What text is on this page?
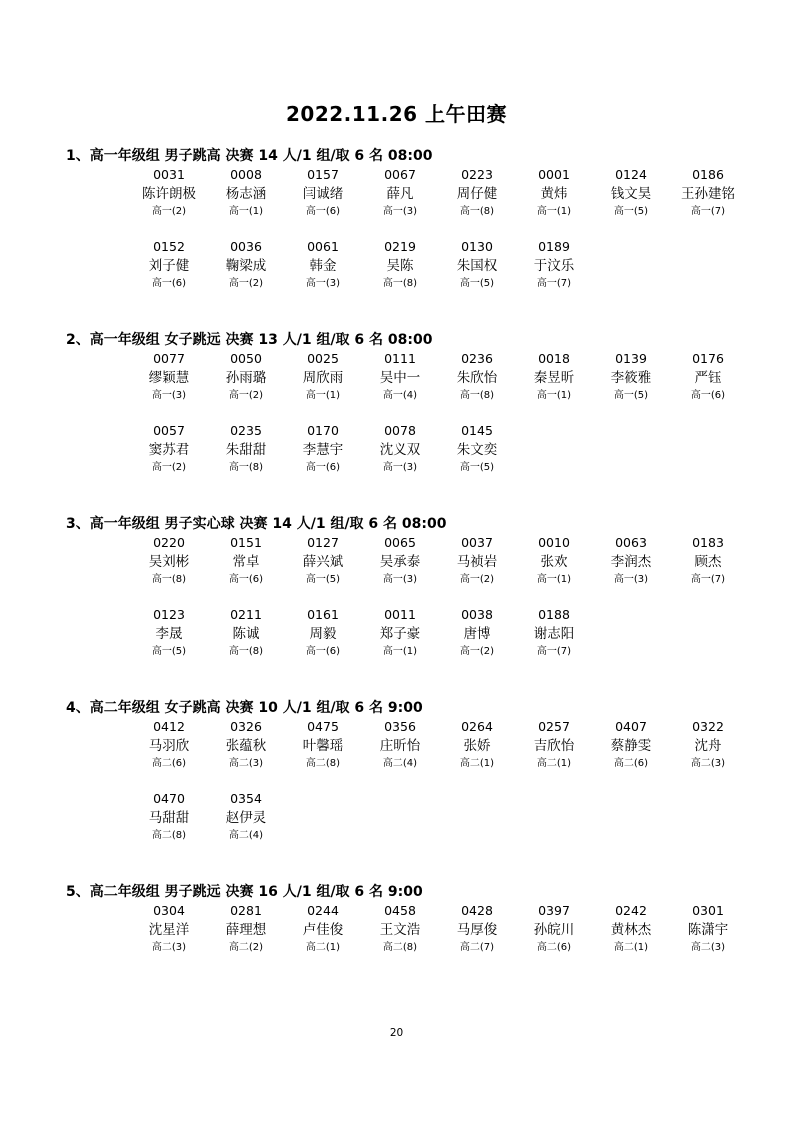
2022.11.26 上午田赛
1、高一年级组 男子跳高 决赛 14 人/1 组/取 6 名 08:00
0031
陈许朗极
高一(2)
0008
杨志涵
高一(1)
0157
闫诚绪
高一(6)
0067
薛凡
高一(3)
0223
周仔健
高一(8)
0001
黄炜
高一(1)
0124
钱文昊
高一(5)
0186
王孙建铭
高一(7)
0152
刘子健
高一(6)
0036
鞠梁成
高一(2)
0061
韩金
高一(3)
0219
吴陈
高一(8)
0130
朱国权
高一(5)
0189
于汶乐
高一(7)
2、高一年级组 女子跳远 决赛 13 人/1 组/取 6 名 08:00
0077
缪颖慧
高一(3)
0050
孙雨璐
高一(2)
0025
周欣雨
高一(1)
0111
吴中一
高一(4)
0236
朱欣怡
高一(8)
0018
秦昱昕
高一(1)
0139
李筱雅
高一(5)
0176
严钰
高一(6)
0057
窦苏君
高一(2)
0235
朱甜甜
高一(8)
0170
李慧宇
高一(6)
0078
沈义双
高一(3)
0145
朱文奕
高一(5)
3、高一年级组 男子实心球 决赛 14 人/1 组/取 6 名 08:00
0220
吴刘彬
高一(8)
0151
常卓
高一(6)
0127
薛兴斌
高一(5)
0065
吴承泰
高一(3)
0037
马祯岩
高一(2)
0010
张欢
高一(1)
0063
李润杰
高一(3)
0183
顾杰
高一(7)
0123
李晟
高一(5)
0211
陈诚
高一(8)
0161
周毅
高一(6)
0011
郑子豪
高一(1)
0038
唐博
高一(2)
0188
谢志阳
高一(7)
4、高二年级组 女子跳高 决赛 10 人/1 组/取 6 名 9:00
0412
马羽欣
高二(6)
0326
张蕴秋
高二(3)
0475
叶馨瑶
高二(8)
0356
庄昕怡
高二(4)
0264
张娇
高二(1)
0257
吉欣怡
高二(1)
0407
蔡静雯
高二(6)
0322
沈舟
高二(3)
0470
马甜甜
高二(8)
0354
赵伊灵
高二(4)
5、高二年级组 男子跳远 决赛 16 人/1 组/取 6 名 9:00
0304
沈星洋
高二(3)
0281
薛理想
高二(2)
0244
卢佳俊
高二(1)
0458
王文浩
高二(8)
0428
马厚俊
高二(7)
0397
孙皖川
高二(6)
0242
黄林杰
高二(1)
0301
陈潇宇
高二(3)
20
